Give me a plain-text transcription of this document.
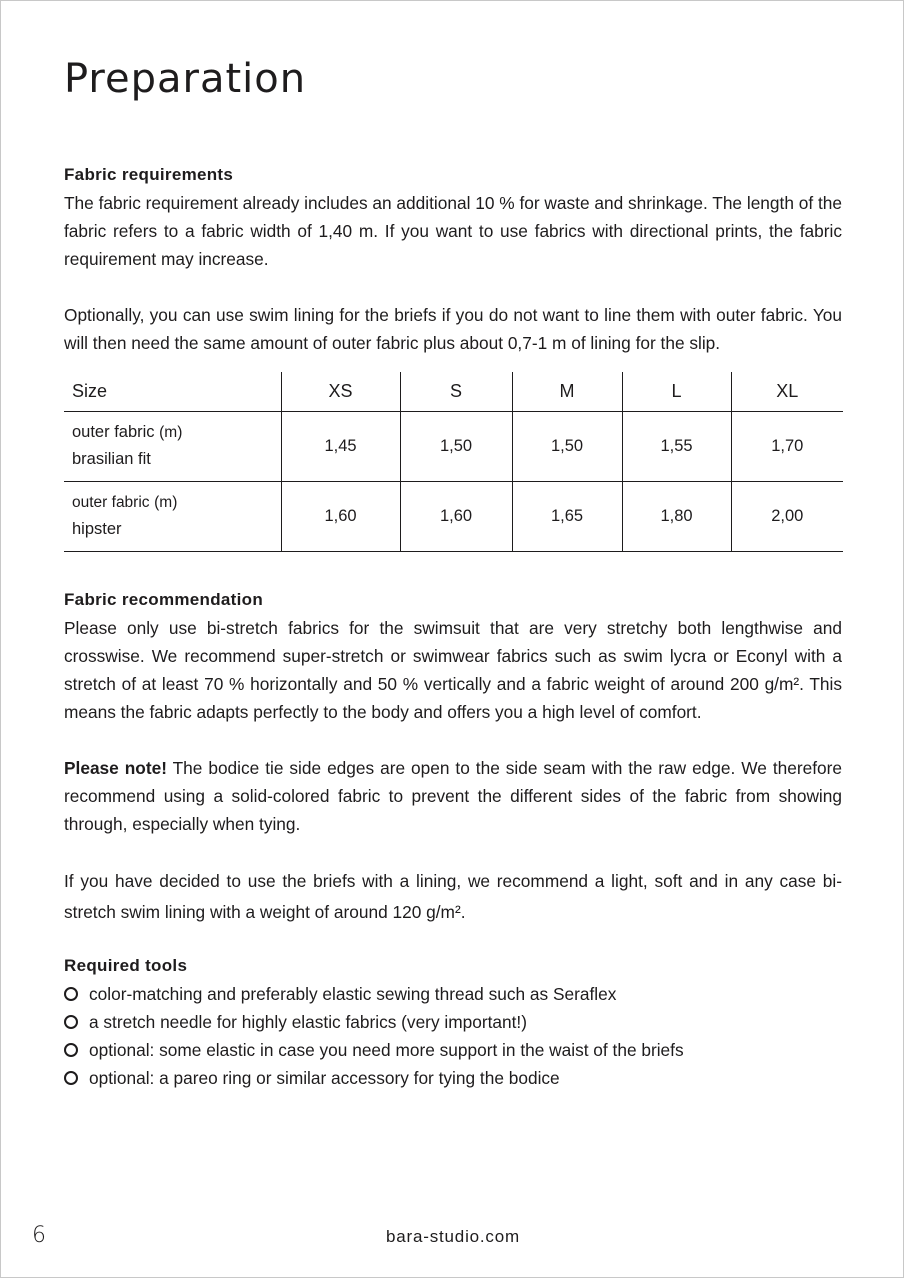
Preparation
Fabric requirements

The fabric requirement already includes an additional 10 % for waste and shrinkage. The length of the fabric refers to a fabric width of 1,40 m. If you want to use fabrics with directional prints, the fabric requirement may increase.

Optionally, you can use swim lining for the briefs if you do not want to line them with outer fabric. You will then need the same amount of outer fabric plus about 0,7-1 m of lining for the slip.

Size	XS	S	M	L	XL
outer fabric (m)
brasilian fit	1,45	1,50	1,50	1,55	1,70
outer fabric (m)
hipster	1,60	1,60	1,65	1,80	2,00
Fabric recommendation

Please only use bi-stretch fabrics for the swimsuit that are very stretchy both lengthwise and crosswise. We recommend super-stretch or swimwear fabrics such as swim lycra or Econyl with a stretch of at least 70 % horizontally and 50 % vertically and a fabric weight of around 200 g/m². This means the fabric adapts perfectly to the body and offers you a high level of comfort.

Please note! The bodice tie side edges are open to the side seam with the raw edge. We therefore recommend using a solid-colored fabric to prevent the different sides of the fabric from showing through, especially when tying.

If you have decided to use the briefs with a lining, we recommend a light, soft and in any case bi-stretch swim lining with a weight of around 120 g/m².

Required tools
color-matching and preferably elastic sewing thread such as Seraflex
a stretch needle for highly elastic fabrics (very important!)
optional: some elastic in case you need more support in the waist of the briefs
optional: a pareo ring or similar accessory for tying the bodice
6	bara-studio.com
